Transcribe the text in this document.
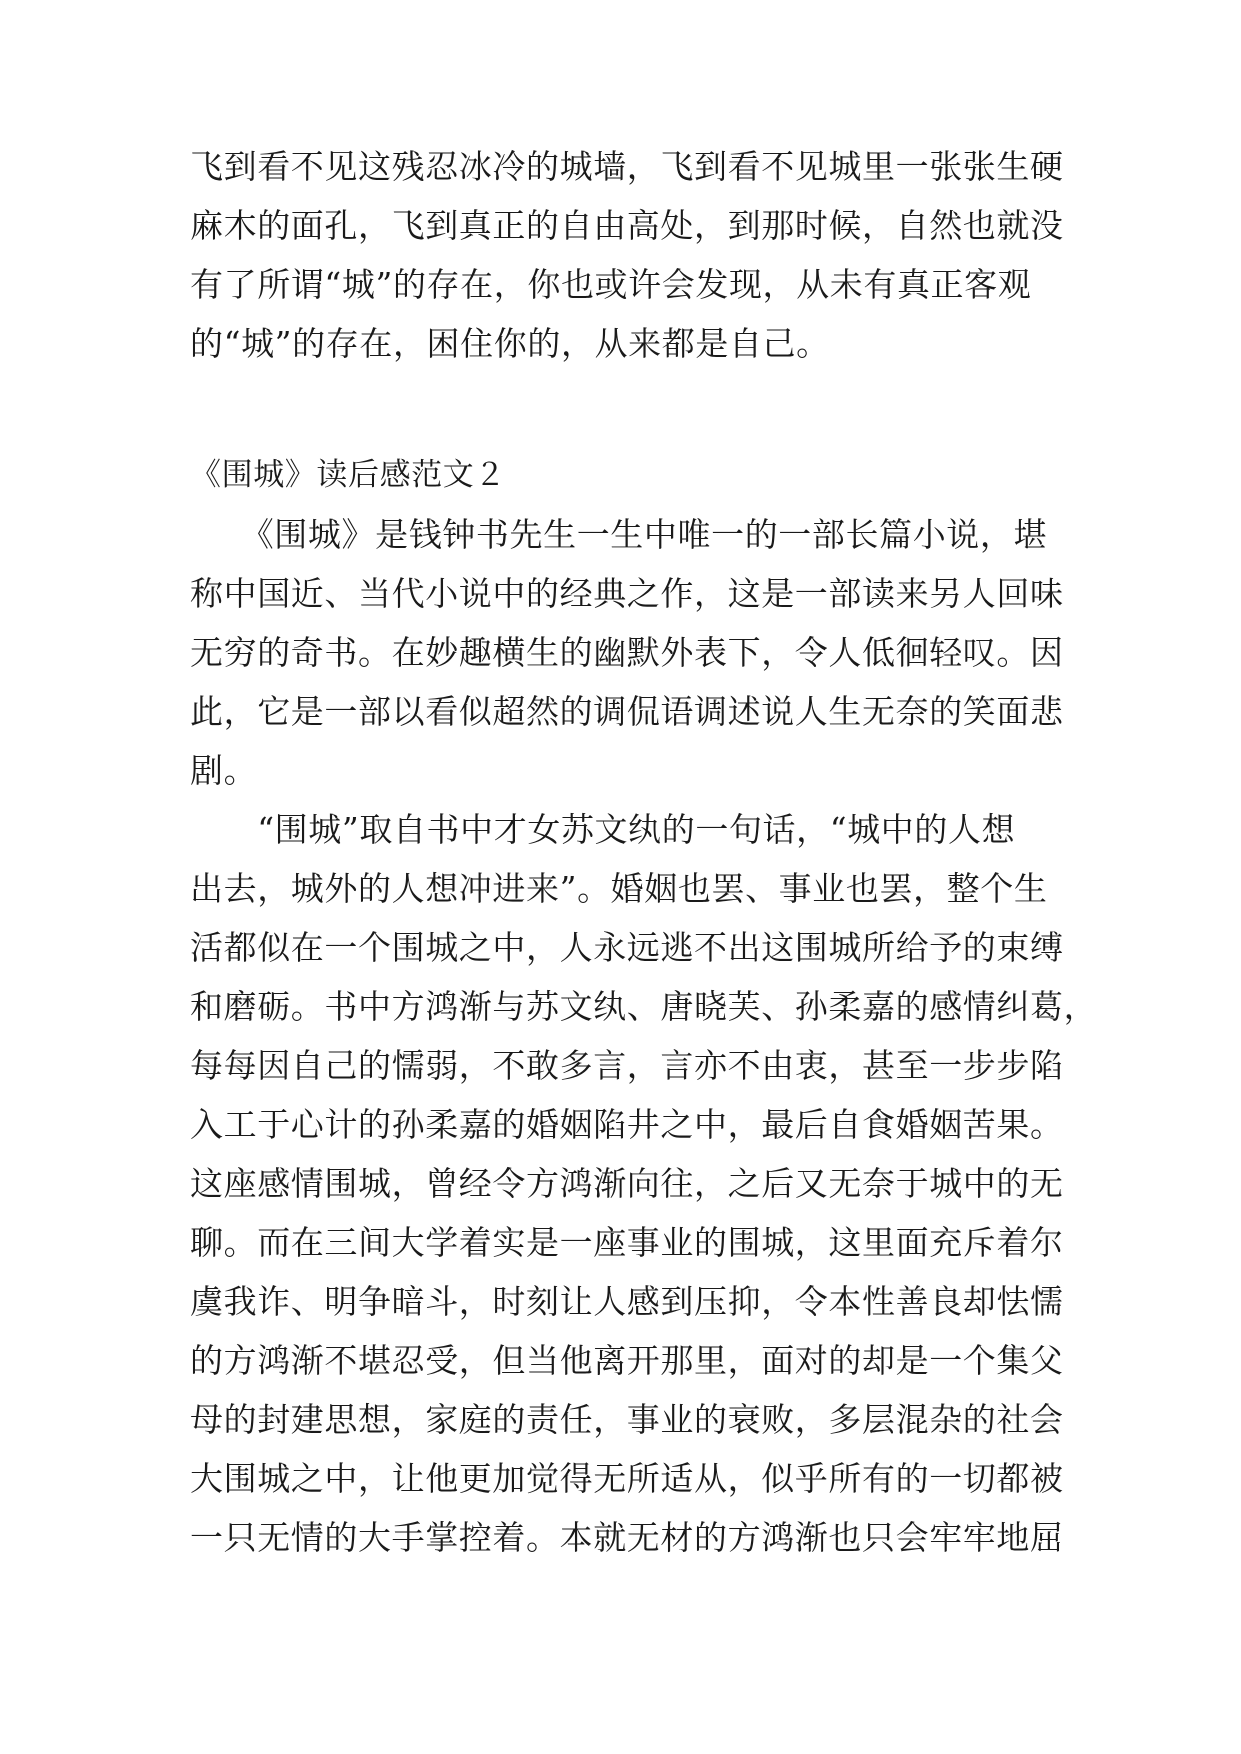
飞到看不见这残忍冰冷的城墙，飞到看不见城里一张张生硬
麻木的面孔，飞到真正的自由高处，到那时候，自然也就没
有了所谓“城”的存在，你也或许会发现，从未有真正客观
的“城”的存在，困住你的，从来都是自己。
《围城》读后感范文２
　　《围城》是钱钟书先生一生中唯一的一部长篇小说，堪
称中国近、当代小说中的经典之作，这是一部读来另人回味
无穷的奇书。在妙趣横生的幽默外表下，令人低徊轻叹。因
此，它是一部以看似超然的调侃语调述说人生无奈的笑面悲
剧。
　　“围城”取自书中才女苏文纨的一句话，“城中的人想
出去，城外的人想冲进来”。婚姻也罢、事业也罢，整个生
活都似在一个围城之中，人永远逃不出这围城所给予的束缚
和磨砺。书中方鸿渐与苏文纨、唐晓芙、孙柔嘉的感情纠葛，
每每因自己的懦弱，不敢多言，言亦不由衷，甚至一步步陷
入工于心计的孙柔嘉的婚姻陷井之中，最后自食婚姻苦果。
这座感情围城，曾经令方鸿渐向往，之后又无奈于城中的无
聊。而在三间大学着实是一座事业的围城，这里面充斥着尔
虞我诈、明争暗斗，时刻让人感到压抑，令本性善良却怯懦
的方鸿渐不堪忍受，但当他离开那里，面对的却是一个集父
母的封建思想，家庭的责任，事业的衰败，多层混杂的社会
大围城之中，让他更加觉得无所适从，似乎所有的一切都被
一只无情的大手掌控着。本就无材的方鸿渐也只会牢牢地屈
